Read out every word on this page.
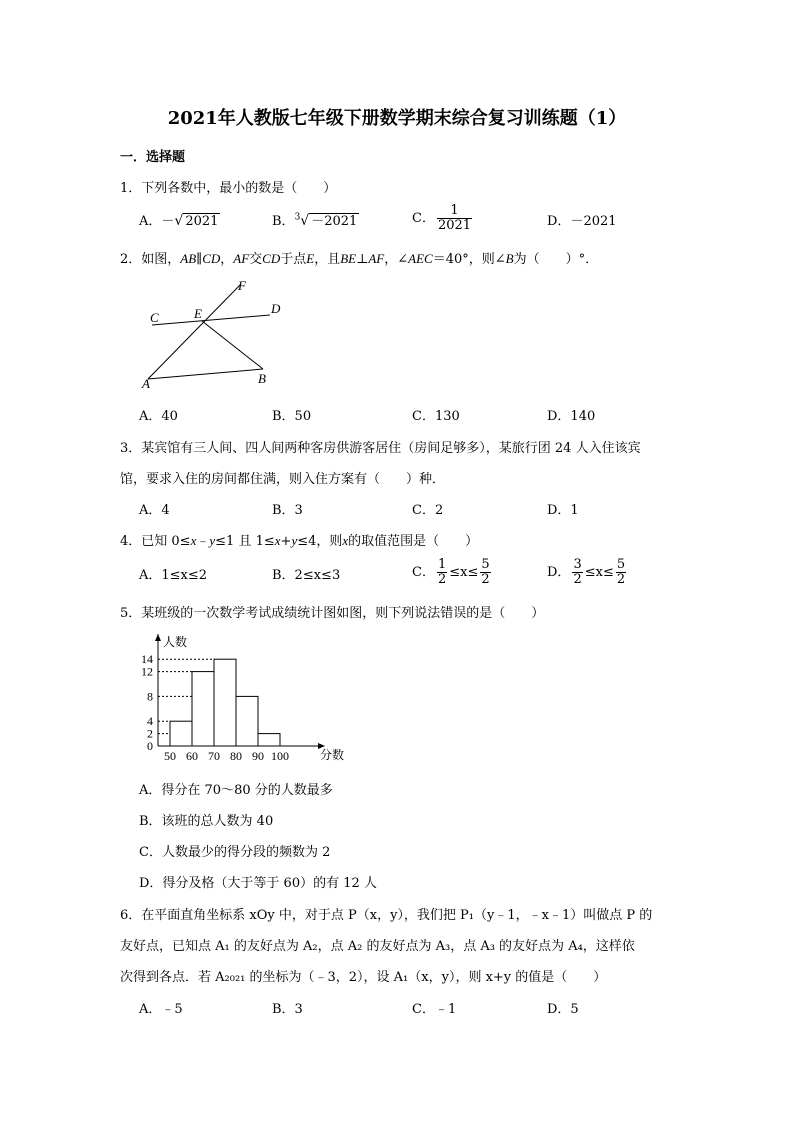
2021年人教版七年级下册数学期末综合复习训练题（1）
一．选择题
1．下列各数中，最小的数是（　　）
A．－√ 2021	B．$^3$√ －2021	C． $\frac{1}{2021}$	D．－2021
2．如图，AB∥CD，AF交CD于点E，且BE⊥AF，∠AEC＝40°，则∠B为（　　）°．
F
C	E	D
A	B
A．40	B．50	C．130	D．140
3．某宾馆有三人间、四人间两种客房供游客居住（房间足够多），某旅行团 24 人入住该宾
馆，要求入住的房间都住满，则入住方案有（　　）种．
A．4	B．3	C．2	D．1
4．已知 0≤x﹣y≤1 且 1≤x+y≤4，则x的取值范围是（　　）
A．1≤x≤2	B．2≤x≤3	C． $\frac{1}{2} \le x\le \frac{5}{2}$	D． $\frac{3}{2} \le x\le \frac{5}{2}$
5．某班级的一次数学考试成绩统计图如图，则下列说法错误的是（　　）
0
2
4
8
12
14
50 60 70 80 90 100
人数
分数
A．得分在 70～80 分的人数最多
B．该班的总人数为 40
C．人数最少的得分段的频数为 2
D．得分及格（大于等于 60）的有 12 人
6．在平面直角坐标系 xOy 中，对于点 P（x，y），我们把 P₁（y﹣1，﹣x﹣1）叫做点 P 的
友好点，已知点 A₁ 的友好点为 A₂，点 A₂ 的友好点为 A₃，点 A₃ 的友好点为 A₄，这样依
次得到各点．若 A₂₀₂₁ 的坐标为（﹣3，2），设 A₁（x，y），则 x+y 的值是（　　）
A．﹣5	B．3	C．﹣1	D．5
